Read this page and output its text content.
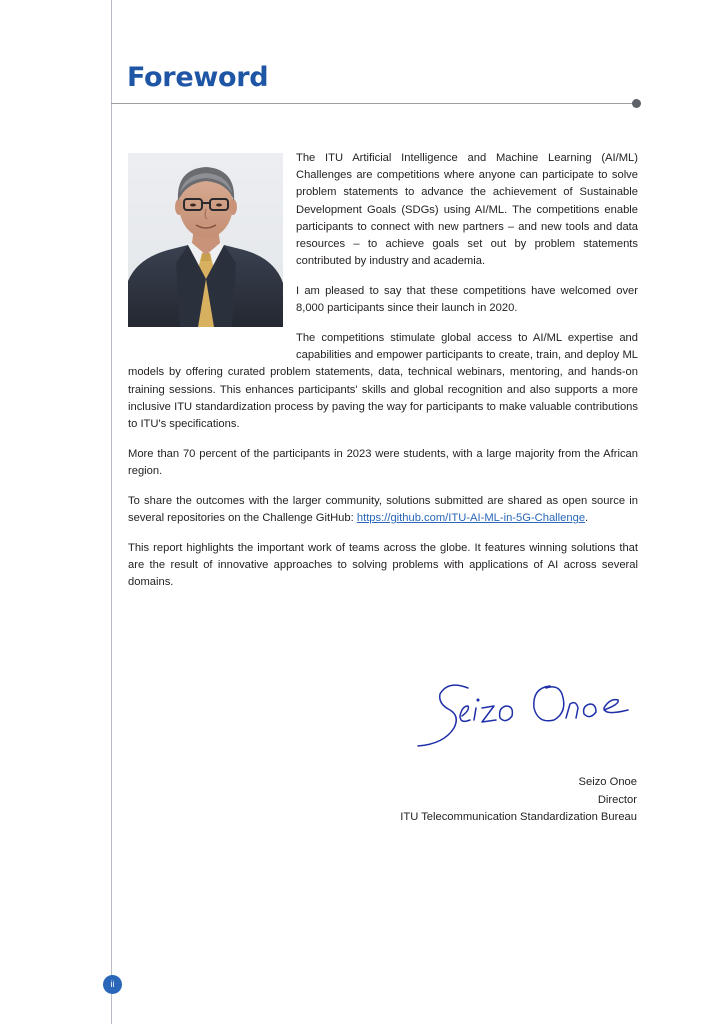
Foreword

The ITU Artificial Intelligence and Machine Learning (AI/ML) Challenges are competitions where anyone can participate to solve problem statements to advance the achievement of Sustainable Development Goals (SDGs) using AI/ML. The competitions enable participants to connect with new partners – and new tools and data resources – to achieve goals set out by problem statements contributed by industry and academia.

I am pleased to say that these competitions have welcomed over 8,000 participants since their launch in 2020.

The competitions stimulate global access to AI/ML expertise and capabilities and empower participants to create, train, and deploy ML models by offering curated problem statements, data, technical webinars, mentoring, and hands-on training sessions. This enhances participants' skills and global recognition and also supports a more inclusive ITU standardization process by paving the way for participants to make valuable contributions to ITU's specifications.

More than 70 percent of the participants in 2023 were students, with a large majority from the African region.

To share the outcomes with the larger community, solutions submitted are shared as open source in several repositories on the Challenge GitHub: https://github.com/ITU-AI-ML-in-5G-Challenge.

This report highlights the important work of teams across the globe. It features winning solutions that are the result of innovative approaches to solving problems with applications of AI across several domains.

Seizo Onoe
Director
ITU Telecommunication Standardization Bureau
ii
